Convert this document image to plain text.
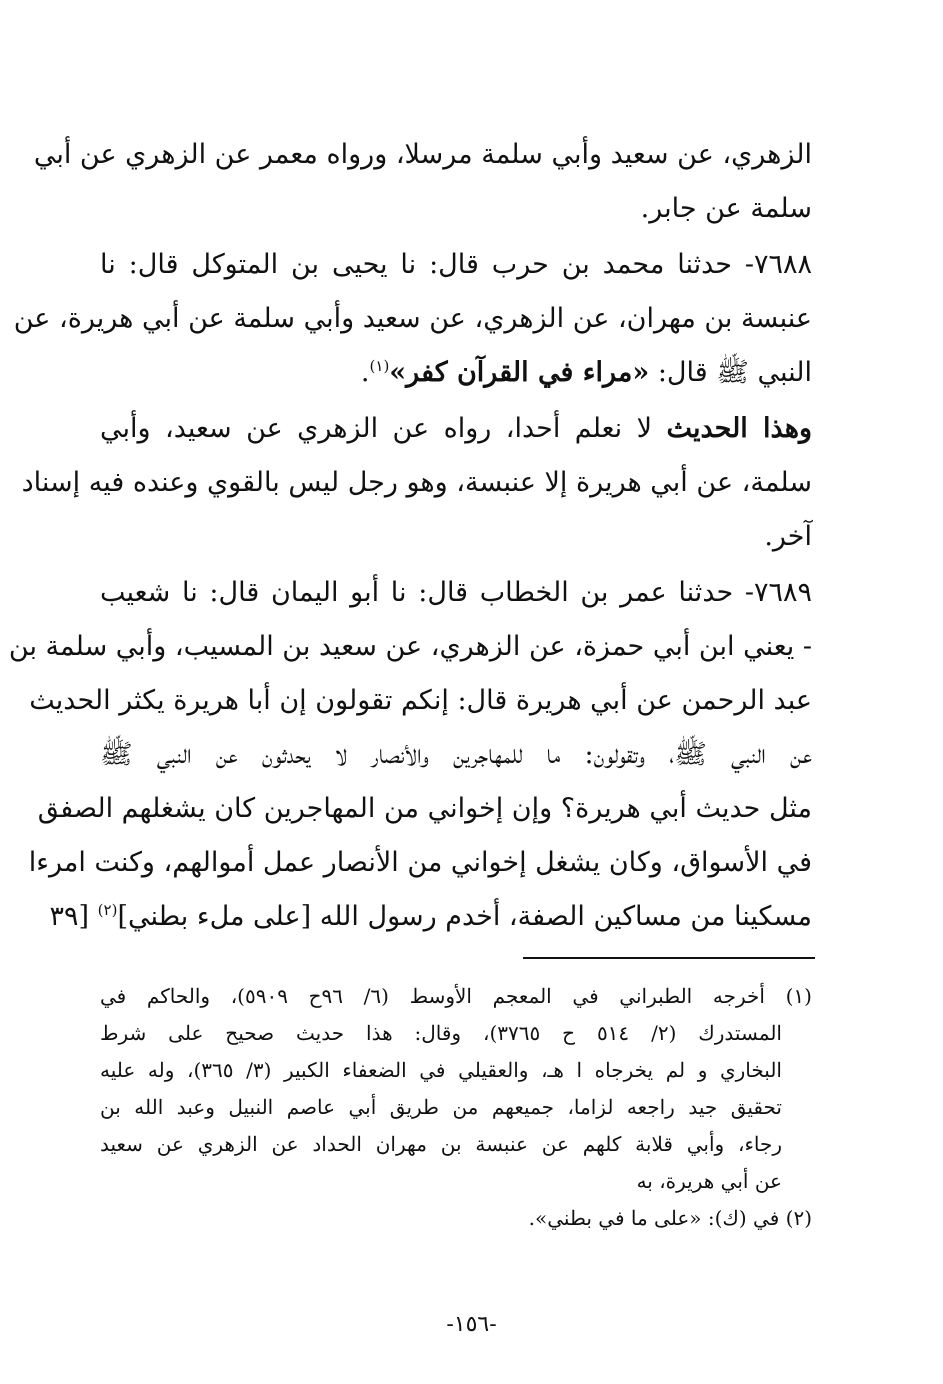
الزهري، عن سعيد وأبي سلمة مرسلا، ورواه معمر عن الزهري عن أبي
سلمة عن جابر.

٧٦٨٨- حدثنا محمد بن حرب قال: نا يحيى بن المتوكل قال: نا
عنبسة بن مهران، عن الزهري، عن سعيد وأبي سلمة عن أبي هريرة، عن
النبي ﷺ قال: «مراء في القرآن كفر»$^{(١)}$.

وهذا الحديث لا نعلم أحدا، رواه عن الزهري عن سعيد، وأبي
سلمة، عن أبي هريرة إلا عنبسة، وهو رجل ليس بالقوي وعنده فيه إسناد
آخر.

٧٦٨٩- حدثنا عمر بن الخطاب قال: نا أبو اليمان قال: نا شعيب
- يعني ابن أبي حمزة، عن الزهري، عن سعيد بن المسيب، وأبي سلمة بن
عبد الرحمن عن أبي هريرة قال: إنكم تقولون إن أبا هريرة يكثر الحديث
عن النبي ﷺ، وتقولون: ما للمهاجرين والأنصار لا يحدثون عن النبي ﷺ
مثل حديث أبي هريرة؟ وإن إخواني من المهاجرين كان يشغلهم الصفق
في الأسواق، وكان يشغل إخواني من الأنصار عمل أموالهم، وكنت امرءا
مسكينا من مساكين الصفة، أخدم رسول الله [على ملء بطني]$^{(٢)}$ [٣٩

(١) أخرجه الطبراني في المعجم الأوسط (٦/ ٩٦ح ٥٩٠٩)، والحاكم في
المستدرك (٢/ ٥١٤ ح ٣٧٦٥)، وقال: هذا حديث صحيح على شرط
البخاري و لم يخرجاه ا هـ، والعقيلي في الضعفاء الكبير (٣/ ٣٦٥)، وله عليه
تحقيق جيد راجعه لزاما، جميعهم من طريق أبي عاصم النبيل وعبد الله بن
رجاء، وأبي قلابة كلهم عن عنبسة بن مهران الحداد عن الزهري عن سعيد
عن أبي هريرة، به
(٢) في (ك): «على ما في بطني».
-١٥٦-
